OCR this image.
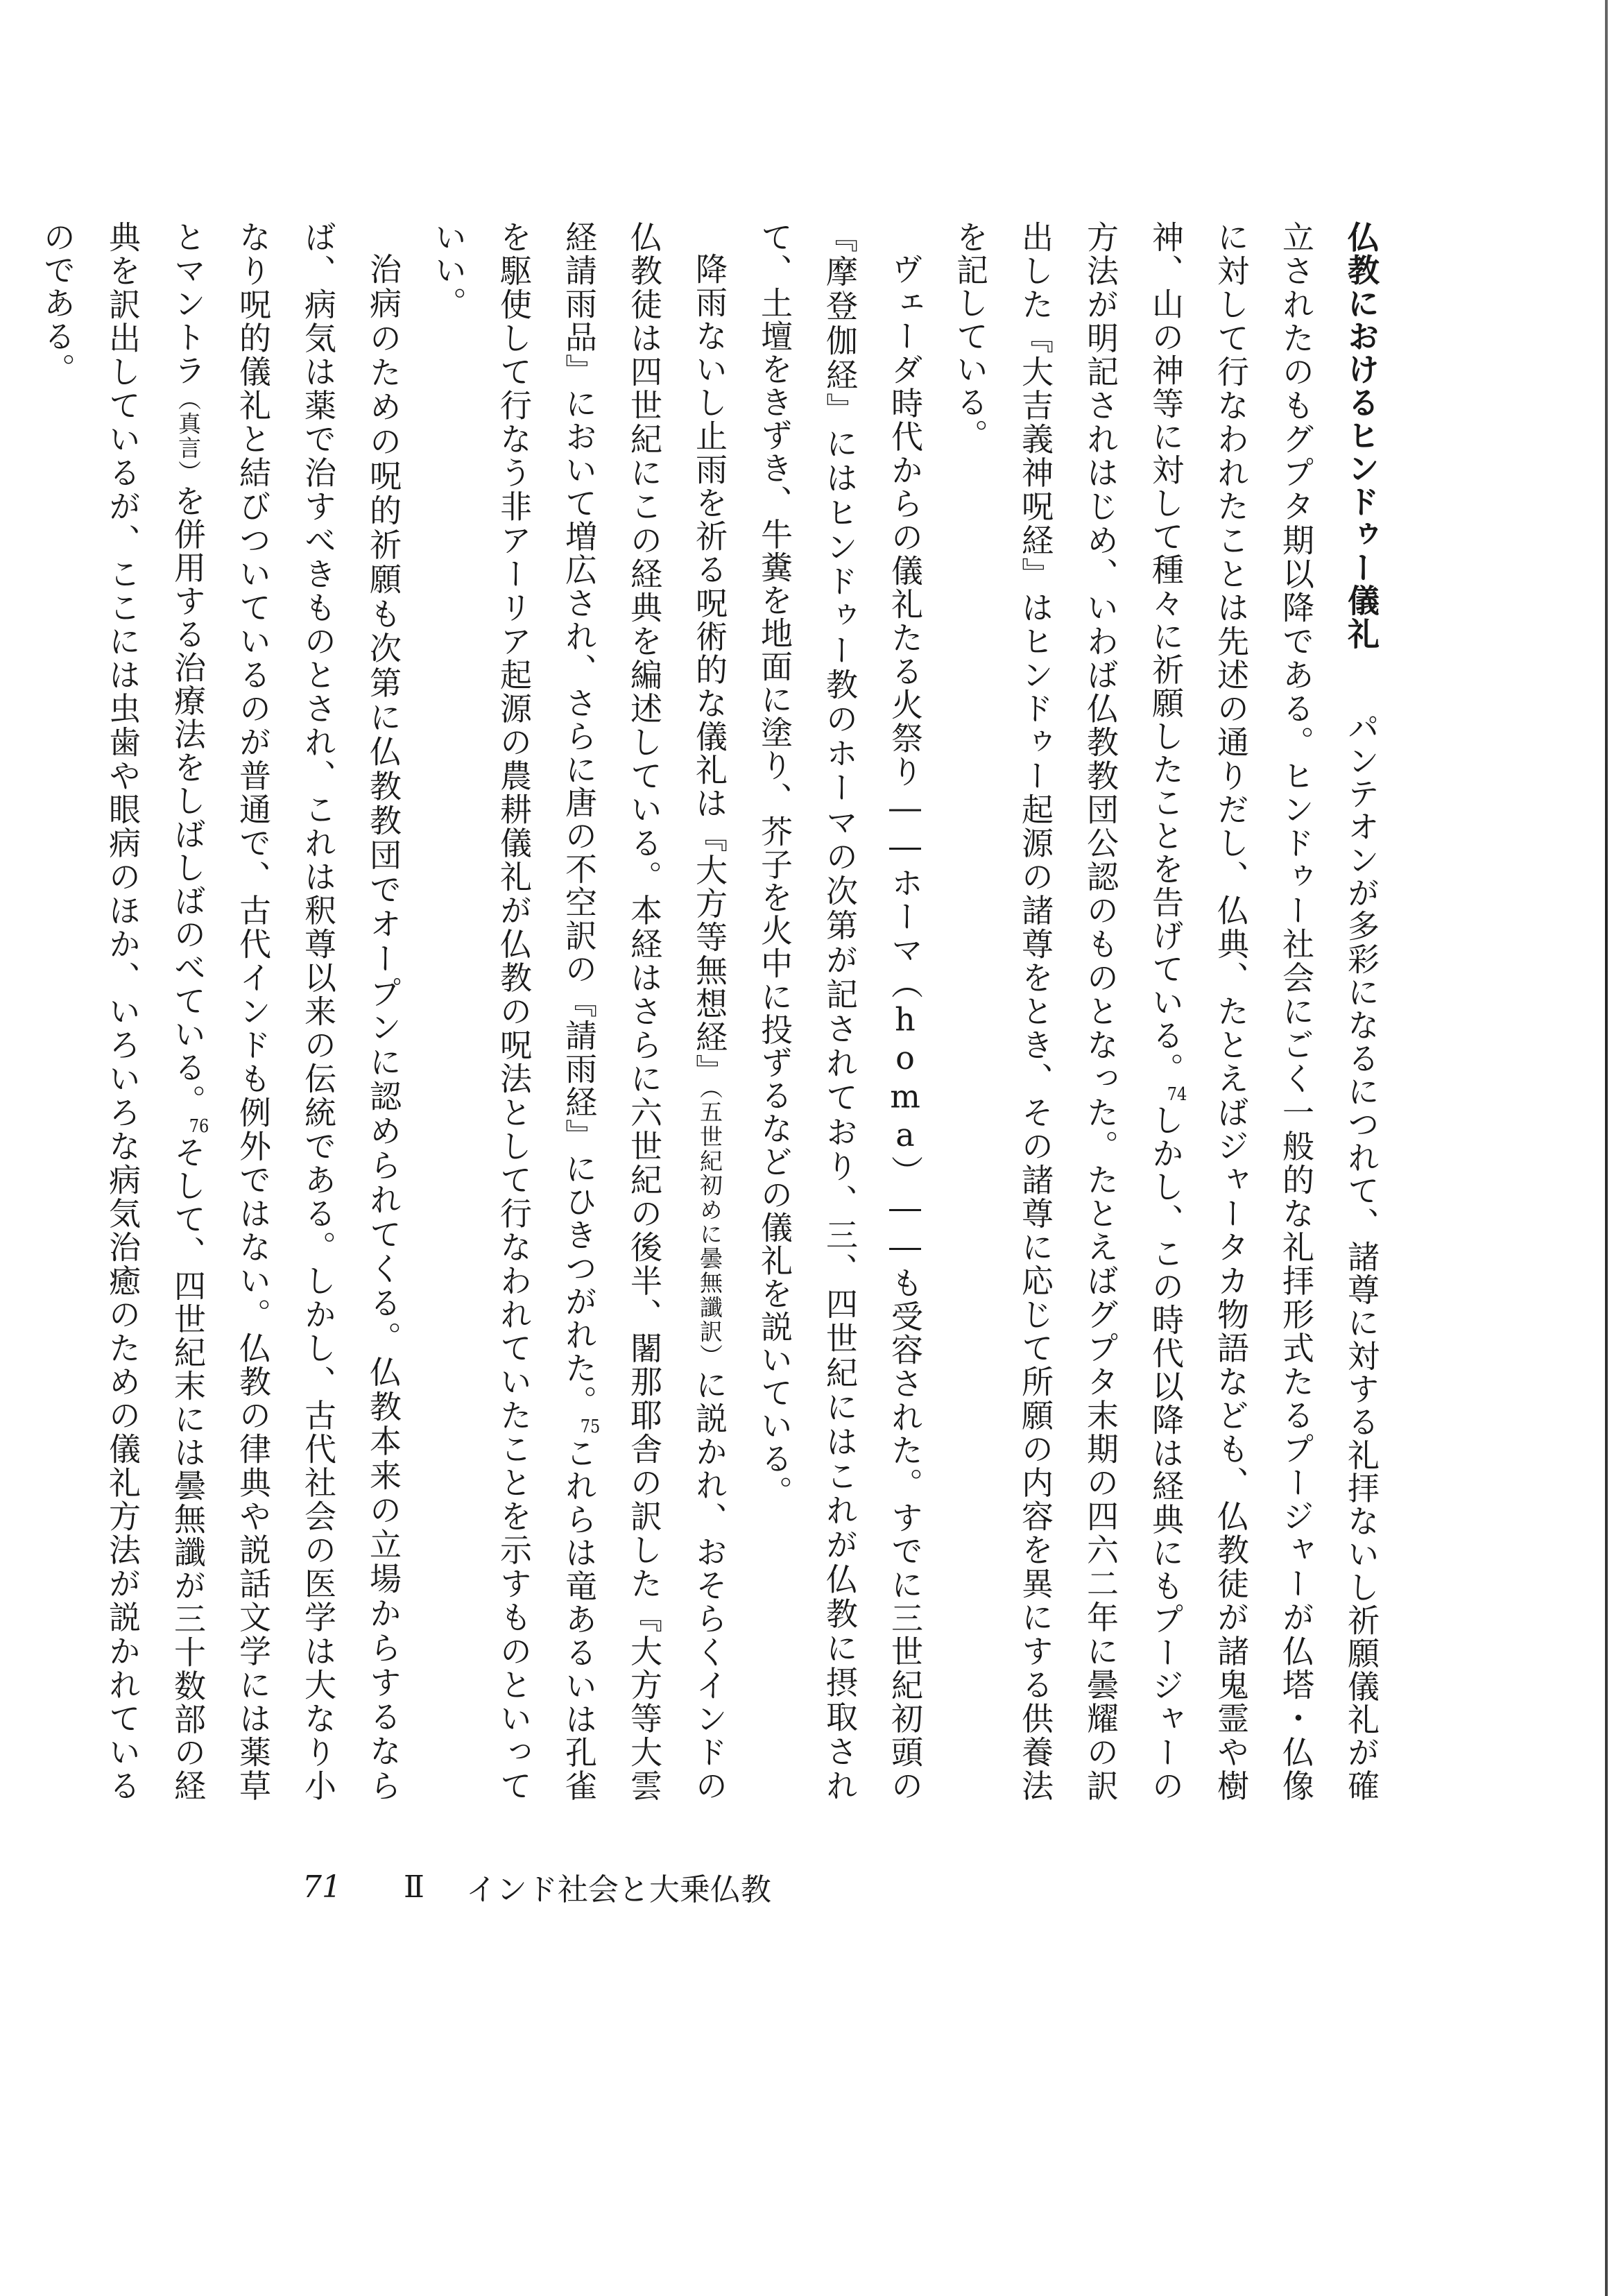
仏教におけるヒンドゥー儀礼　パンテオンが多彩になるにつれて、諸尊に対する礼拝ないし祈願儀礼が確立されたのもグプタ期以降である。ヒンドゥー社会にごく一般的な礼拝形式たるプージャーが仏塔・仏像に対して行なわれたことは先述の通りだし、仏典、たとえばジャータカ物語なども、仏教徒が諸鬼霊や樹神、山の神等に対して種々に祈願したことを告げている。74しかし、この時代以降は経典にもプージャーの方法が明記されはじめ、いわば仏教教団公認のものとなった。たとえばグプタ末期の四六二年に曇耀の訳出した『大吉義神呪経』はヒンドゥー起源の諸尊をとき、その諸尊に応じて所願の内容を異にする供養法を記している。

ヴェーダ時代からの儀礼たる火祭り――ホーマ（homa）――も受容された。すでに三世紀初頭の『摩登伽経』にはヒンドゥー教のホーマの次第が記されており、三、四世紀にはこれが仏教に摂取されて、土壇をきずき、牛糞を地面に塗り、芥子を火中に投ずるなどの儀礼を説いている。

降雨ないし止雨を祈る呪術的な儀礼は『大方等無想経』（五世紀初めに曇無讖訳）に説かれ、おそらくインドの仏教徒は四世紀にこの経典を編述している。本経はさらに六世紀の後半、闍那耶舎の訳した『大方等大雲経請雨品』において増広され、さらに唐の不空訳の『請雨経』にひきつがれた。75これらは竜あるいは孔雀を駆使して行なう非アーリア起源の農耕儀礼が仏教の呪法として行なわれていたことを示すものといっていい。

治病のための呪的祈願も次第に仏教教団でオープンに認められてくる。仏教本来の立場からするならば、病気は薬で治すべきものとされ、これは釈尊以来の伝統である。しかし、古代社会の医学は大なり小なり呪的儀礼と結びついているのが普通で、古代インドも例外ではない。仏教の律典や説話文学には薬草とマントラ（真言）を併用する治療法をしばしばのべている。76そして、四世紀末には曇無讖が三十数部の経典を訳出しているが、ここには虫歯や眼病のほか、いろいろな病気治癒のための儀礼方法が説かれているのである。

71 Ⅱ インド社会と大乗仏教
